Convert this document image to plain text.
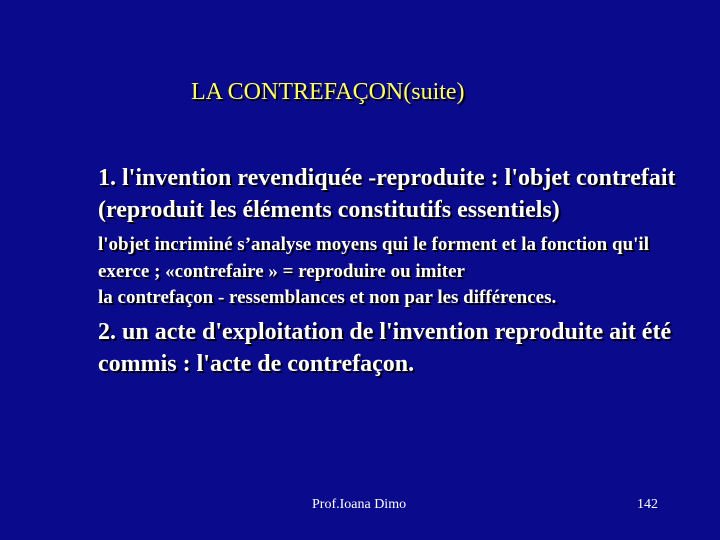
LA CONTREFAÇON(suite)

1. l'invention revendiquée -reproduite : l'objet contrefait (reproduit les éléments constitutifs essentiels)

l'objet incriminé s’analyse moyens qui le forment et la fonction qu'il exerce ; «contrefaire » = reproduire ou imiter
la contrefaçon - ressemblances et non par les différences.

2. un acte d'exploitation de l'invention reproduite ait été commis : l'acte de contrefaçon.

Prof.Ioana Dimo	142
